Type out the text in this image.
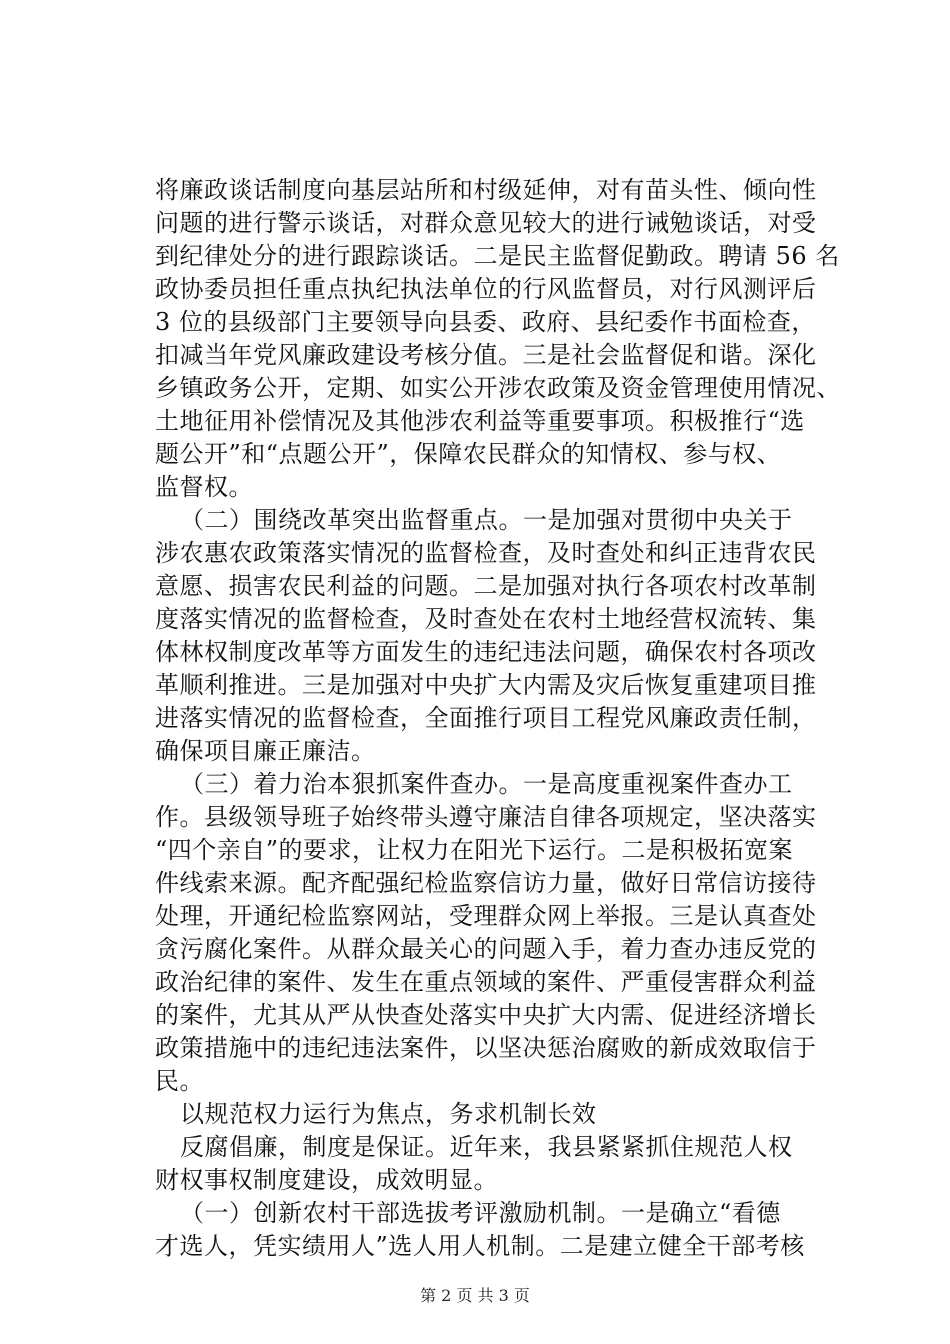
将廉政谈话制度向基层站所和村级延伸，对有苗头性、倾向性
问题的进行警示谈话，对群众意见较大的进行诫勉谈话，对受
到纪律处分的进行跟踪谈话。二是民主监督促勤政。聘请 56 名
政协委员担任重点执纪执法单位的行风监督员，对行风测评后
3 位的县级部门主要领导向县委、政府、县纪委作书面检查，
扣减当年党风廉政建设考核分值。三是社会监督促和谐。深化
乡镇政务公开，定期、如实公开涉农政策及资金管理使用情况、
土地征用补偿情况及其他涉农利益等重要事项。积极推行“选
题公开”和“点题公开”，保障农民群众的知情权、参与权、
监督权。
（二）围绕改革突出监督重点。一是加强对贯彻中央关于
涉农惠农政策落实情况的监督检查，及时查处和纠正违背农民
意愿、损害农民利益的问题。二是加强对执行各项农村改革制
度落实情况的监督检查，及时查处在农村土地经营权流转、集
体林权制度改革等方面发生的违纪违法问题，确保农村各项改
革顺利推进。三是加强对中央扩大内需及灾后恢复重建项目推
进落实情况的监督检查，全面推行项目工程党风廉政责任制，
确保项目廉正廉洁。
（三）着力治本狠抓案件查办。一是高度重视案件查办工
作。县级领导班子始终带头遵守廉洁自律各项规定，坚决落实
“四个亲自”的要求，让权力在阳光下运行。二是积极拓宽案
件线索来源。配齐配强纪检监察信访力量，做好日常信访接待
处理，开通纪检监察网站，受理群众网上举报。三是认真查处
贪污腐化案件。从群众最关心的问题入手，着力查办违反党的
政治纪律的案件、发生在重点领域的案件、严重侵害群众利益
的案件，尤其从严从快查处落实中央扩大内需、促进经济增长
政策措施中的违纪违法案件，以坚决惩治腐败的新成效取信于
民。
以规范权力运行为焦点，务求机制长效
反腐倡廉，制度是保证。近年来，我县紧紧抓住规范人权
财权事权制度建设，成效明显。
（一）创新农村干部选拔考评激励机制。一是确立“看德
才选人，凭实绩用人”选人用人机制。二是建立健全干部考核
第 2 页 共 3 页
